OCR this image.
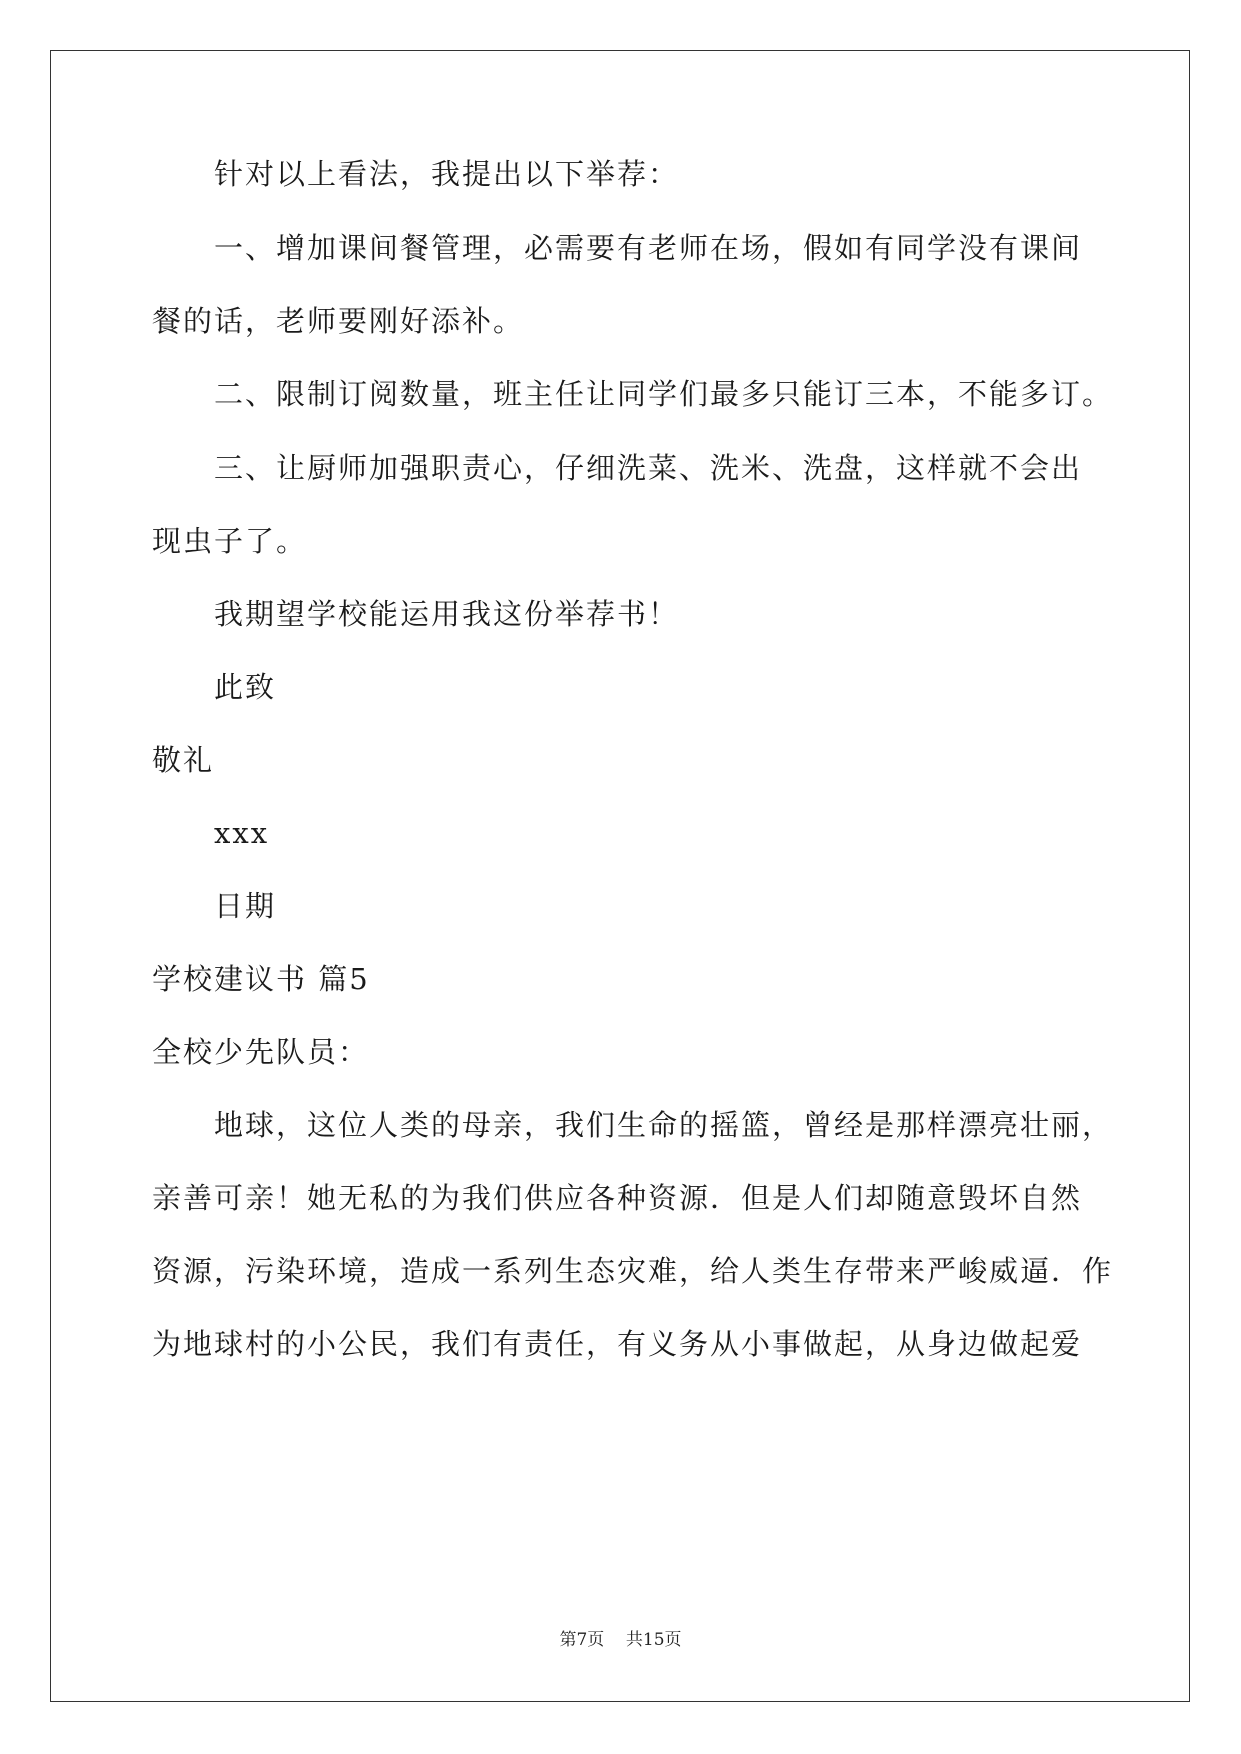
针对以上看法，我提出以下举荐：
一、增加课间餐管理，必需要有老师在场，假如有同学没有课间
餐的话，老师要刚好添补。
二、限制订阅数量，班主任让同学们最多只能订三本，不能多订。
三、让厨师加强职责心，仔细洗菜、洗米、洗盘，这样就不会出
现虫子了。
我期望学校能运用我这份举荐书！
此致
敬礼
xxx
日期
学校建议书 篇5
全校少先队员：
地球，这位人类的母亲，我们生命的摇篮，曾经是那样漂亮壮丽，
亲善可亲！她无私的为我们供应各种资源．但是人们却随意毁坏自然
资源，污染环境，造成一系列生态灾难，给人类生存带来严峻威逼．作
为地球村的小公民，我们有责任，有义务从小事做起，从身边做起爱
第7页 共15页
